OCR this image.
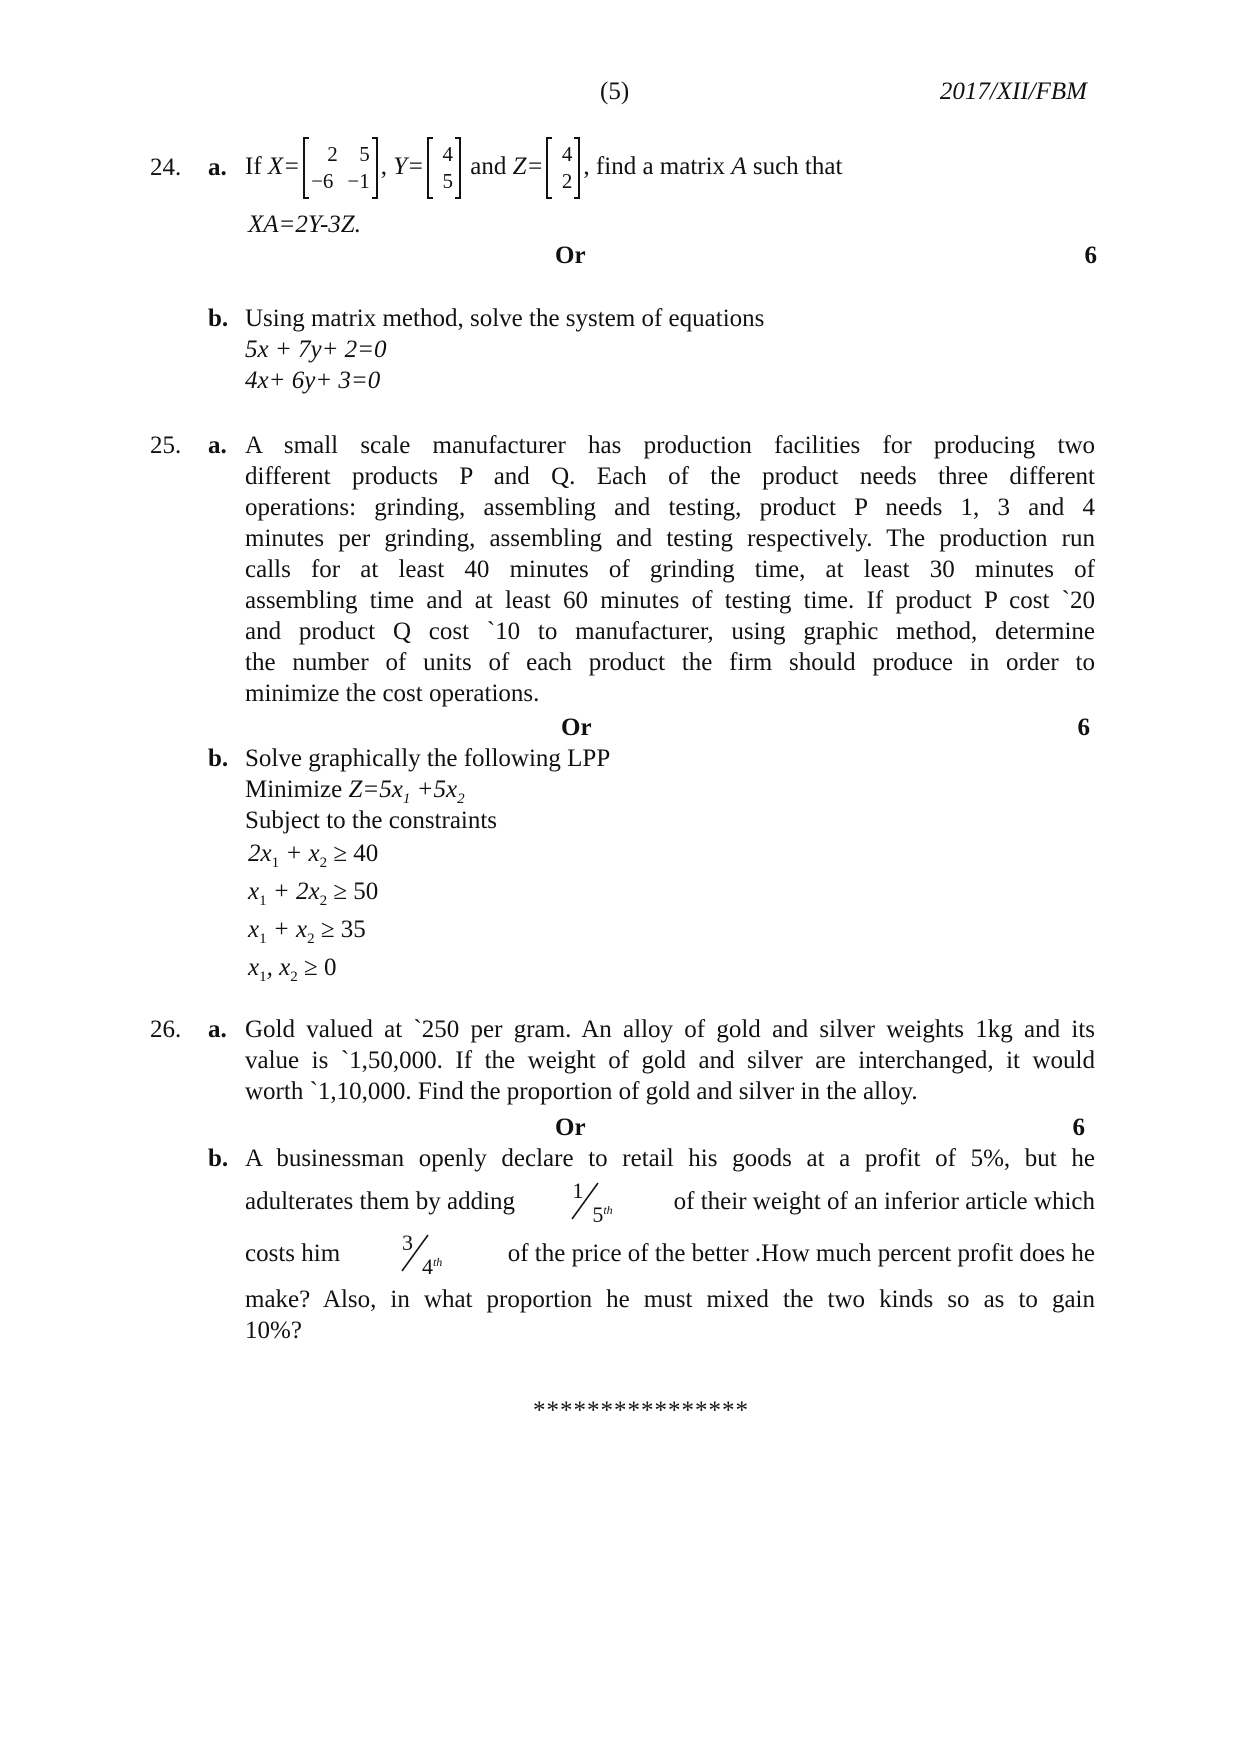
(5)	2017/XII/FBM
24. a. If X=	2	5
−6 −1
, Y= 4
5
and Z= 4
2
, find a matrix A such that
XA=2Y-3Z.
Or	6
b. Using matrix method, solve the system of equations
5x + 7y+ 2=0
4x+ 6y+ 3=0
25. a. A small scale manufacturer has production facilities for producing two
different products P and Q. Each of the product needs three different
operations: grinding, assembling and testing, product P needs 1, 3 and 4
minutes per grinding, assembling and testing respectively. The production run
calls for at least 40 minutes of grinding time, at least 30 minutes of
assembling time and at least 60 minutes of testing time. If product P cost `20
and product Q cost `10 to manufacturer, using graphic method, determine
the number of units of each product the firm should produce in order to
minimize the cost operations.
Or	6
b. Solve graphically the following LPP
Minimize $Z=5x_1 +5x_2$
Subject to the constraints
$2x_1 + x_2 \ge 40$
$x_1 + 2x_2 \ge 50$
$x_1 + x_2 \ge 35$
$x_1$, $x_2 \ge 0$
26. a. Gold valued at `250 per gram. An alloy of gold and silver weights 1kg and its
value is `1,50,000. If the weight of gold and silver are interchanged, it would
worth `1,10,000. Find the proportion of gold and silver in the alloy.
Or	6
b. A businessman openly declare to retail his goods at a profit of 5%, but he
adulterates them by adding	1
5th of their weight of an inferior article which
costs him	3
4th	of the price of the better .How much percent profit does he
make? Also, in what proportion he must mixed the two kinds so as to gain
10%?
****************
